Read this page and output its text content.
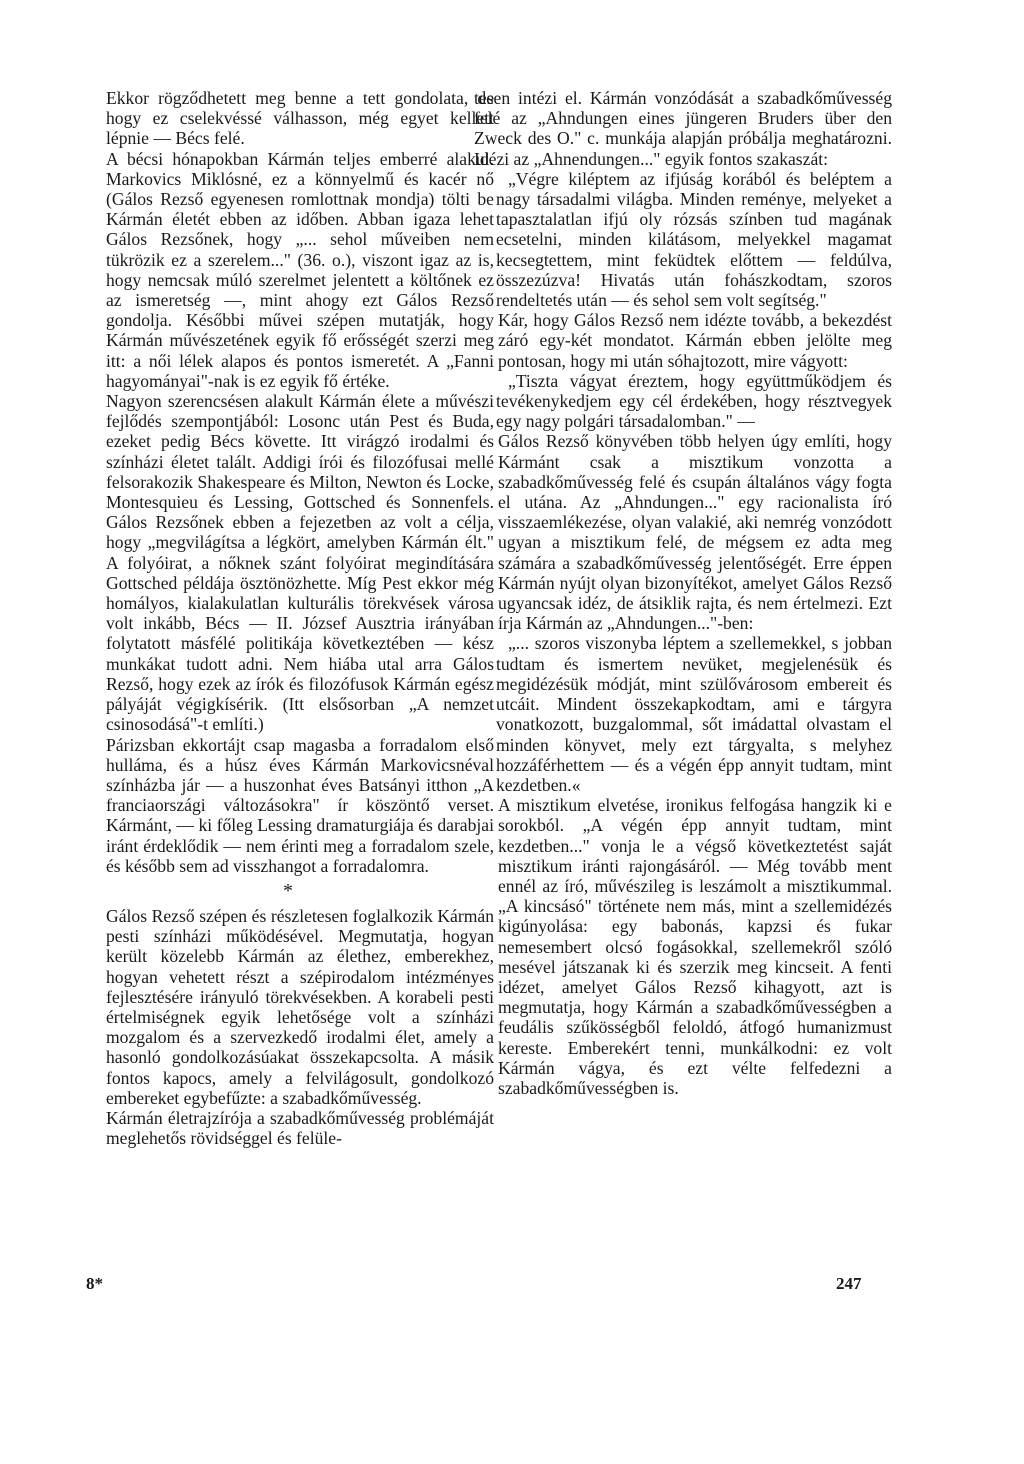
Ekkor rögződhetett meg benne a tett gondolata, de hogy ez cselekvéssé válhasson, még egyet kellett lépnie — Bécs felé.

A bécsi hónapokban Kármán teljes emberré alakul. Markovics Miklósné, ez a könnyelmű és kacér nő (Gálos Rezső egyenesen romlottnak mondja) tölti be Kármán életét ebben az időben. Abban igaza lehet Gálos Rezsőnek, hogy „... sehol műveiben nem tükrözik ez a szerelem..." (36. o.), viszont igaz az is, hogy nemcsak múló szerelmet jelentett a költőnek ez az ismeretség —, mint ahogy ezt Gálos Rezső gondolja. Későbbi művei szépen mutatják, hogy Kármán művészetének egyik fő erősségét szerzi meg itt: a női lélek alapos és pontos ismeretét. A „Fanni hagyományai"-nak is ez egyik fő értéke.

Nagyon szerencsésen alakult Kármán élete a művészi fejlődés szempontjából: Losonc után Pest és Buda, ezeket pedig Bécs követte. Itt virágzó irodalmi és színházi életet talált. Addigi írói és filozófusai mellé felsorakozik Shakespeare és Milton, Newton és Locke, Montesquieu és Lessing, Gottsched és Sonnenfels. Gálos Rezsőnek ebben a fejezetben az volt a célja, hogy „megvilágítsa a légkört, amelyben Kármán élt." A folyóirat, a nőknek szánt folyóirat megindítására Gottsched példája ösztönözhette. Míg Pest ekkor még homályos, kialakulatlan kulturális törekvések városa volt inkább, Bécs — II. József Ausztria irányában folytatott másfélé politikája következtében — kész munkákat tudott adni. Nem hiába utal arra Gálos Rezső, hogy ezek az írók és filozófusok Kármán egész pályáját végigkísérik. (Itt elsősorban „A nemzet csinosodásá"-t említi.)

Párizsban ekkortájt csap magasba a forradalom első hulláma, és a húsz éves Kármán Markovicsnéval színházba jár — a huszonhat éves Batsányi itthon „A franciaországi változásokra" ír köszöntő verset. Kármánt, — ki főleg Lessing dramaturgiája és darabjai iránt érdeklődik — nem érinti meg a forradalom szele, és később sem ad visszhangot a forradalomra.

*

Gálos Rezső szépen és részletesen foglalkozik Kármán pesti színházi működésével. Megmutatja, hogyan került közelebb Kármán az élethez, emberekhez, hogyan vehetett részt a szépirodalom intézményes fejlesztésére irányuló törekvésekben. A korabeli pesti értelmiségnek egyik lehetősége volt a színházi mozgalom és a szervezkedő irodalmi élet, amely a hasonló gondolkozásúakat összekapcsolta. A másik fontos kapocs, amely a felvilágosult, gondolkozó embereket egybefűzte: a szabadkőművesség.

Kármán életrajzírója a szabadkőművesség problémáját meglehetős rövidséggel és felüle-

tesen intézi el. Kármán vonzódását a szabadkőművesség felé az „Ahndungen eines jüngeren Bruders über den Zweck des O." c. munkája alapján próbálja meghatározni. Idézi az „Ahnendungen..." egyik fontos szakaszát:

„Végre kiléptem az ifjúság korából és beléptem a nagy társadalmi világba. Minden reménye, melyeket a tapasztalatlan ifjú oly rózsás színben tud magának ecsetelni, minden kilátásom, melyekkel magamat kecsegtettem, mint feküdtek előttem — feldúlva, összezúzva! Hivatás után fohászkodtam, szoros rendeltetés után — és sehol sem volt segítség."

Kár, hogy Gálos Rezső nem idézte tovább, a bekezdést záró egy-két mondatot. Kármán ebben jelölte meg pontosan, hogy mi után sóhajtozott, mire vágyott:

„Tiszta vágyat éreztem, hogy együttműködjem és tevékenykedjem egy cél érdekében, hogy résztvegyek egy nagy polgári társadalomban." —

Gálos Rezső könyvében több helyen úgy említi, hogy Kármánt csak a misztikum vonzotta a szabadkőművesség felé és csupán általános vágy fogta el utána. Az „Ahndungen..." egy racionalista író visszaemlékezése, olyan valakié, aki nemrég vonzódott ugyan a misztikum felé, de mégsem ez adta meg számára a szabadkőművesség jelentőségét. Erre éppen Kármán nyújt olyan bizonyítékot, amelyet Gálos Rezső ugyancsak idéz, de átsiklik rajta, és nem értelmezi. Ezt írja Kármán az „Ahndungen..."-ben:

„... szoros viszonyba léptem a szellemekkel, s jobban tudtam és ismertem nevüket, megjelenésük és megidézésük módját, mint szülővárosom embereit és utcáit. Mindent összekapkodtam, ami e tárgyra vonatkozott, buzgalommal, sőt imádattal olvastam el minden könyvet, mely ezt tárgyalta, s melyhez hozzáférhettem — és a végén épp annyit tudtam, mint kezdetben.«

A misztikum elvetése, ironikus felfogása hangzik ki e sorokból. „A végén épp annyit tudtam, mint kezdetben..." vonja le a végső következtetést saját misztikum iránti rajongásáról. — Még tovább ment ennél az író, művészileg is leszámolt a misztikummal. „A kincsásó" története nem más, mint a szellemidézés kigúnyolása: egy babonás, kapzsi és fukar nemesembert olcsó fogásokkal, szellemekről szóló mesével játszanak ki és szerzik meg kincseit. A fenti idézet, amelyet Gálos Rezső kihagyott, azt is megmutatja, hogy Kármán a szabadkőművességben a feudális szűkösségből feloldó, átfogó humanizmust kereste. Emberekért tenni, munkálkodni: ez volt Kármán vágya, és ezt vélte felfedezni a szabadkőművességben is.

8*	247
